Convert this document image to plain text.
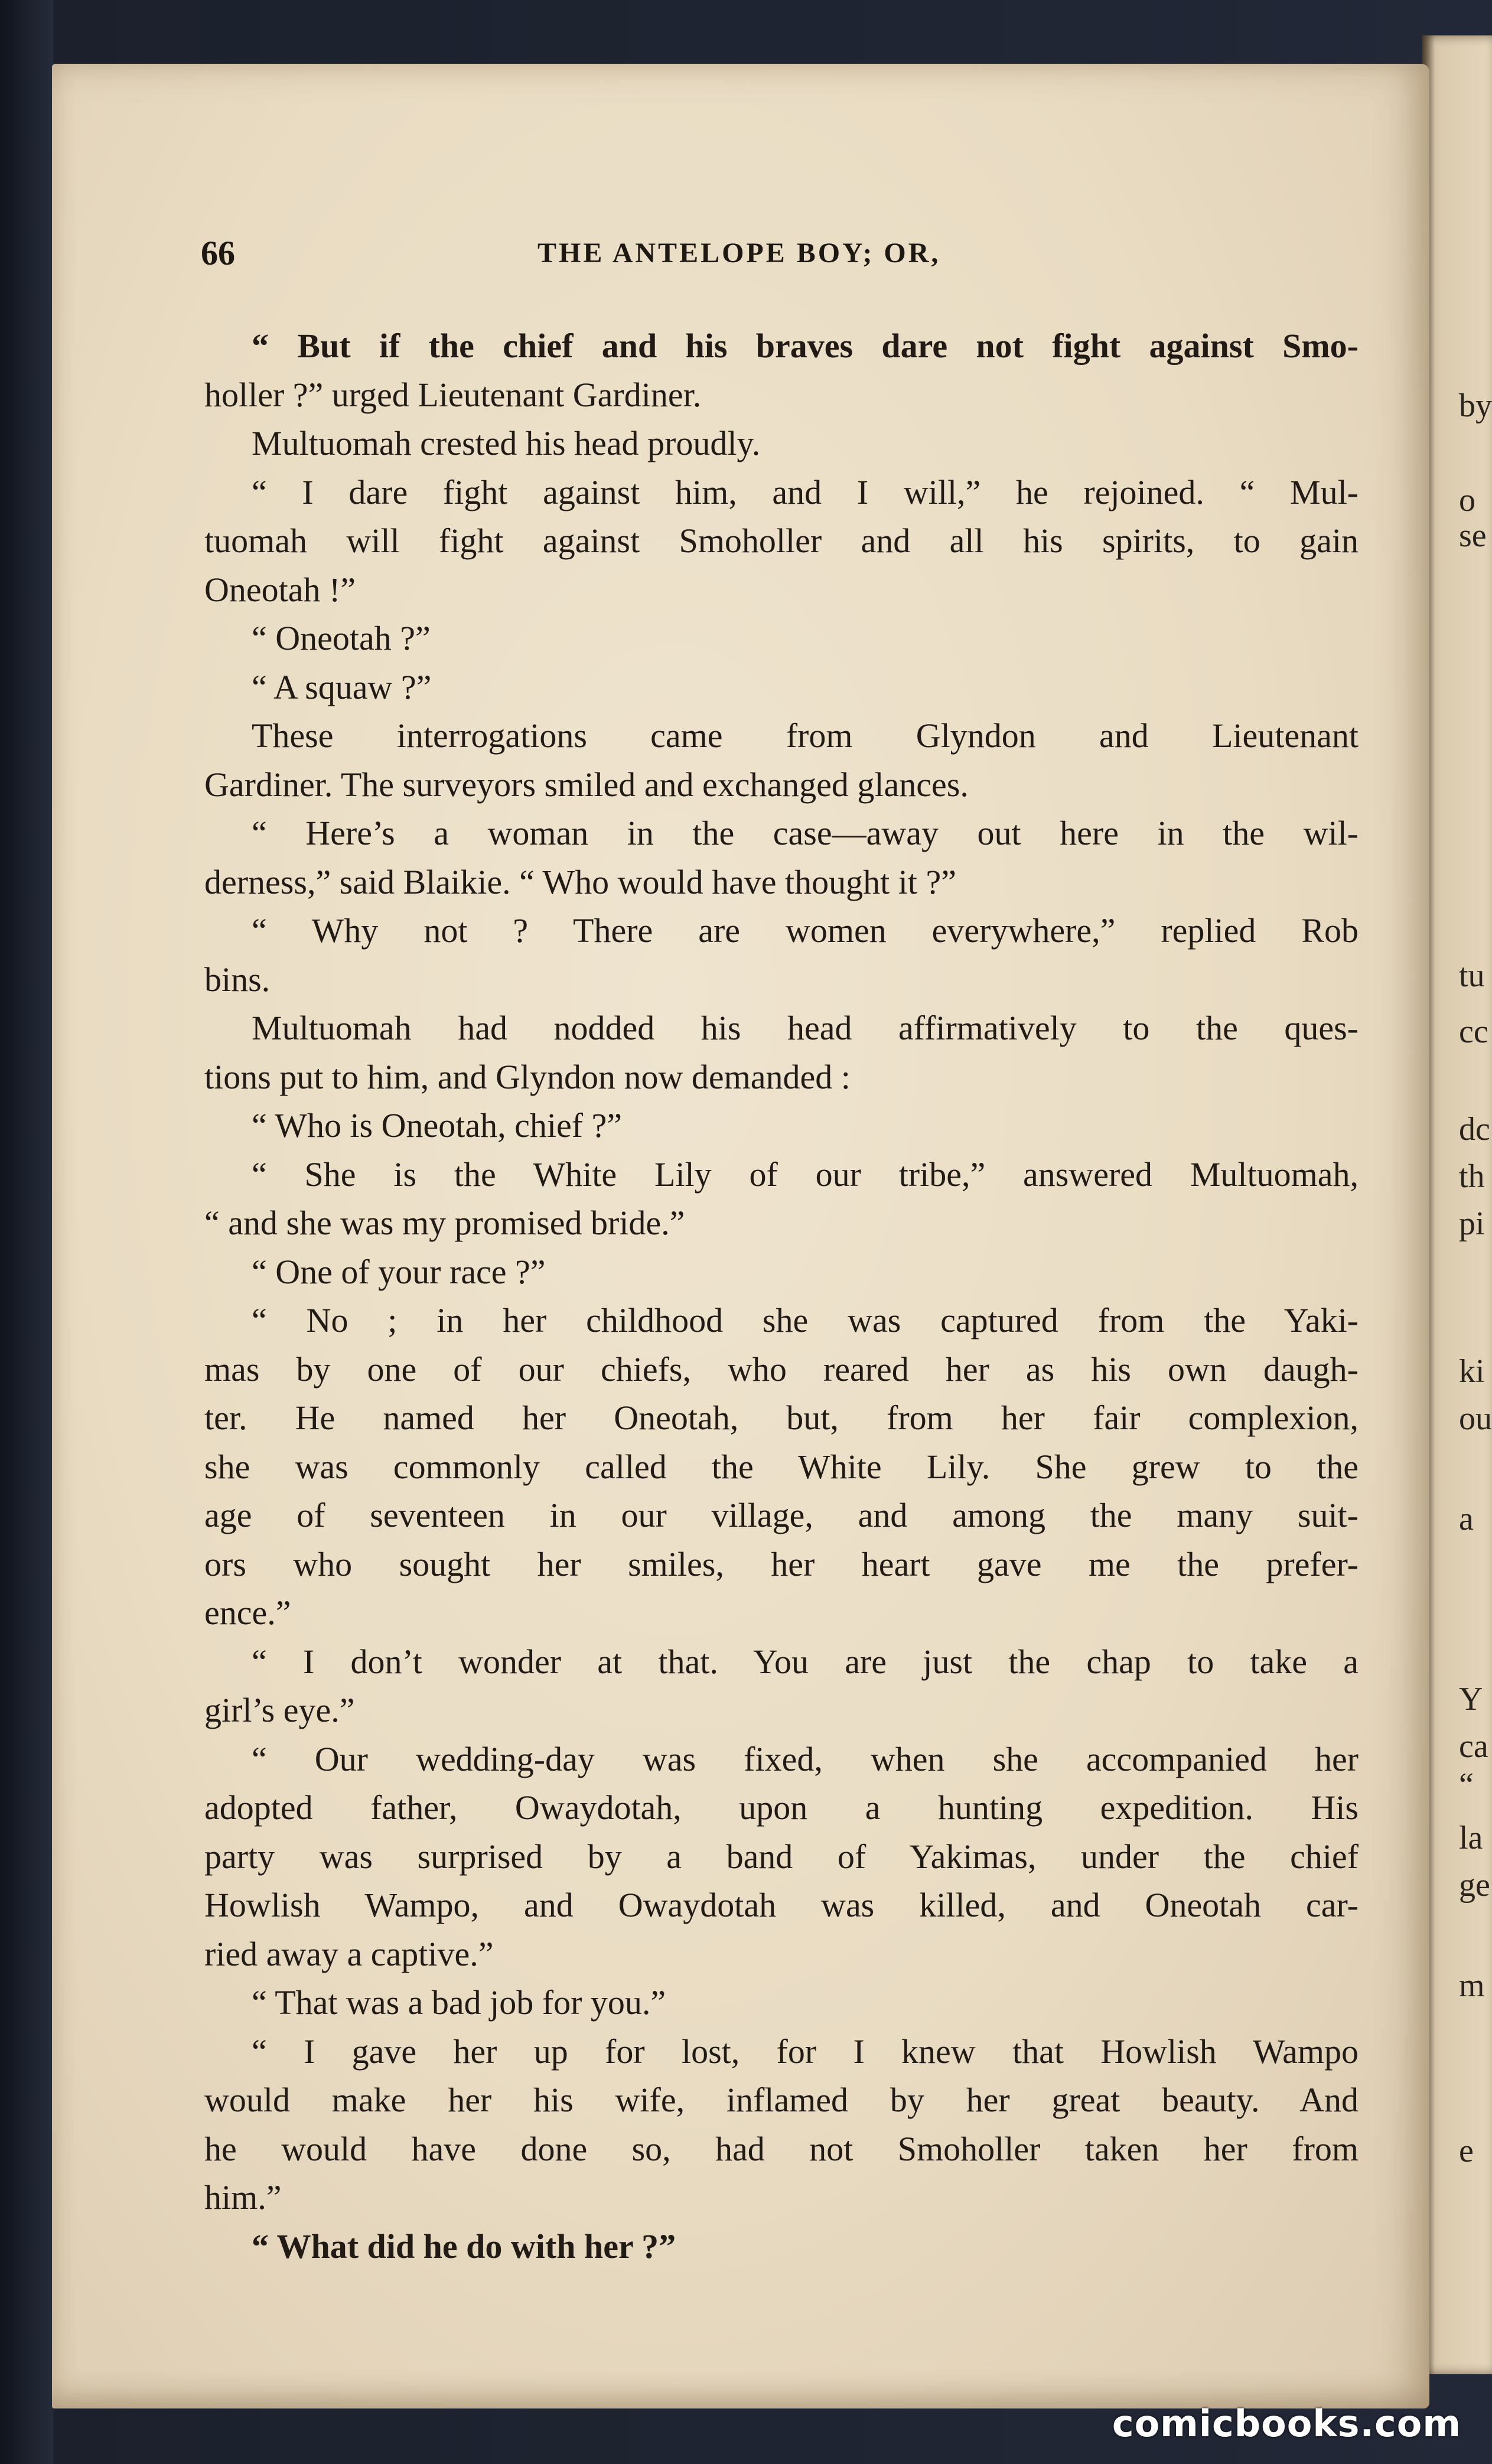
by
o
se
tu
cc
dc
th
pi
ki
ou
a
Y
ca
“
la
ge
m
e
66	THE ANTELOPE BOY; OR,
“ But if the chief and his braves dare not fight against Smo-
holler ?” urged Lieutenant Gardiner.
Multuomah crested his head proudly.
“ I dare fight against him, and I will,” he rejoined. “ Mul-
tuomah will fight against Smoholler and all his spirits, to gain
Oneotah !”
“ Oneotah ?”
“ A squaw ?”
These interrogations came from Glyndon and Lieutenant
Gardiner. The surveyors smiled and exchanged glances.
“ Here’s a woman in the case—away out here in the wil-
derness,” said Blaikie. “ Who would have thought it ?”
“ Why not ? There are women everywhere,” replied Rob
bins.
Multuomah had nodded his head affirmatively to the ques-
tions put to him, and Glyndon now demanded :
“ Who is Oneotah, chief ?”
“ She is the White Lily of our tribe,” answered Multuomah,
“ and she was my promised bride.”
“ One of your race ?”
“ No ; in her childhood she was captured from the Yaki-
mas by one of our chiefs, who reared her as his own daugh-
ter. He named her Oneotah, but, from her fair complexion,
she was commonly called the White Lily. She grew to the
age of seventeen in our village, and among the many suit-
ors who sought her smiles, her heart gave me the prefer-
ence.”
“ I don’t wonder at that. You are just the chap to take a
girl’s eye.”
“ Our wedding-day was fixed, when she accompanied her
adopted father, Owaydotah, upon a hunting expedition. His
party was surprised by a band of Yakimas, under the chief
Howlish Wampo, and Owaydotah was killed, and Oneotah car-
ried away a captive.”
“ That was a bad job for you.”
“ I gave her up for lost, for I knew that Howlish Wampo
would make her his wife, inflamed by her great beauty. And
he would have done so, had not Smoholler taken her from
him.”
“ What did he do with her ?”
comicbooks.com
